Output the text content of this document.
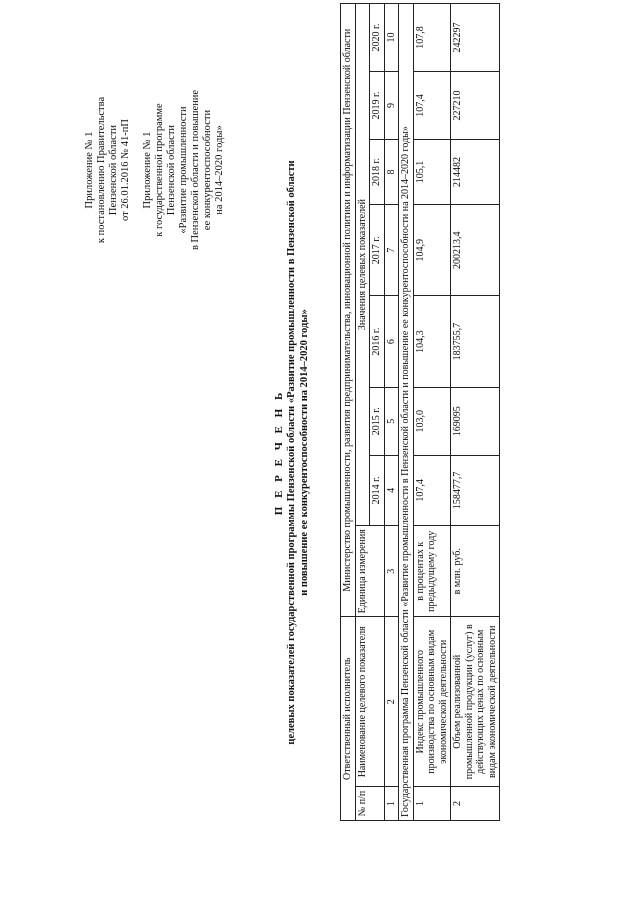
Приложение № 1 к постановлению Правительства Пензенской области от 26.01.2016 № 41-пП Приложение № 1 к государственной программе Пензенской области «Развитие промышленности в Пензенской области и повышение ее конкурентоспособности на 2014–2020 годы»
П Е Р Е Ч Е Н Ь целевых показателей государственной программы Пензенской области «Развитие промышленности в Пензенской области и повышение ее конкурентоспособности на 2014–2020 годы»
Ответственный исполнитель		Министерство промышленности, развития предпринимательства, инновационной политики и информатизации Пензенской области							
№ п/п	Наименование целевого показателя	Единица измерения	Значения целевых показателей						
			2014 г.	2015 г.	2016 г.	2017 г.	2018 г.	2019 г.	2020 г.
1	2	3	4	5	6	7	8	9	10
Государственная программа Пензенской области «Развитие промышленности в Пензенской области и повышение ее конкурентоспособности на 2014–2020 годы»									
1	Индекс промышленного производства по основным видам экономической деятельности	в процентах к предыдущему году	107,4	103,0	104,3	104,9	105,1	107,4	107,8
2	Объем реализованной промышленной продукции (услуг) в действующих ценах по основным видам экономической деятельности	в млн. руб.	158477,7	169095	183755,7	200213,4	214482	227210	242297
